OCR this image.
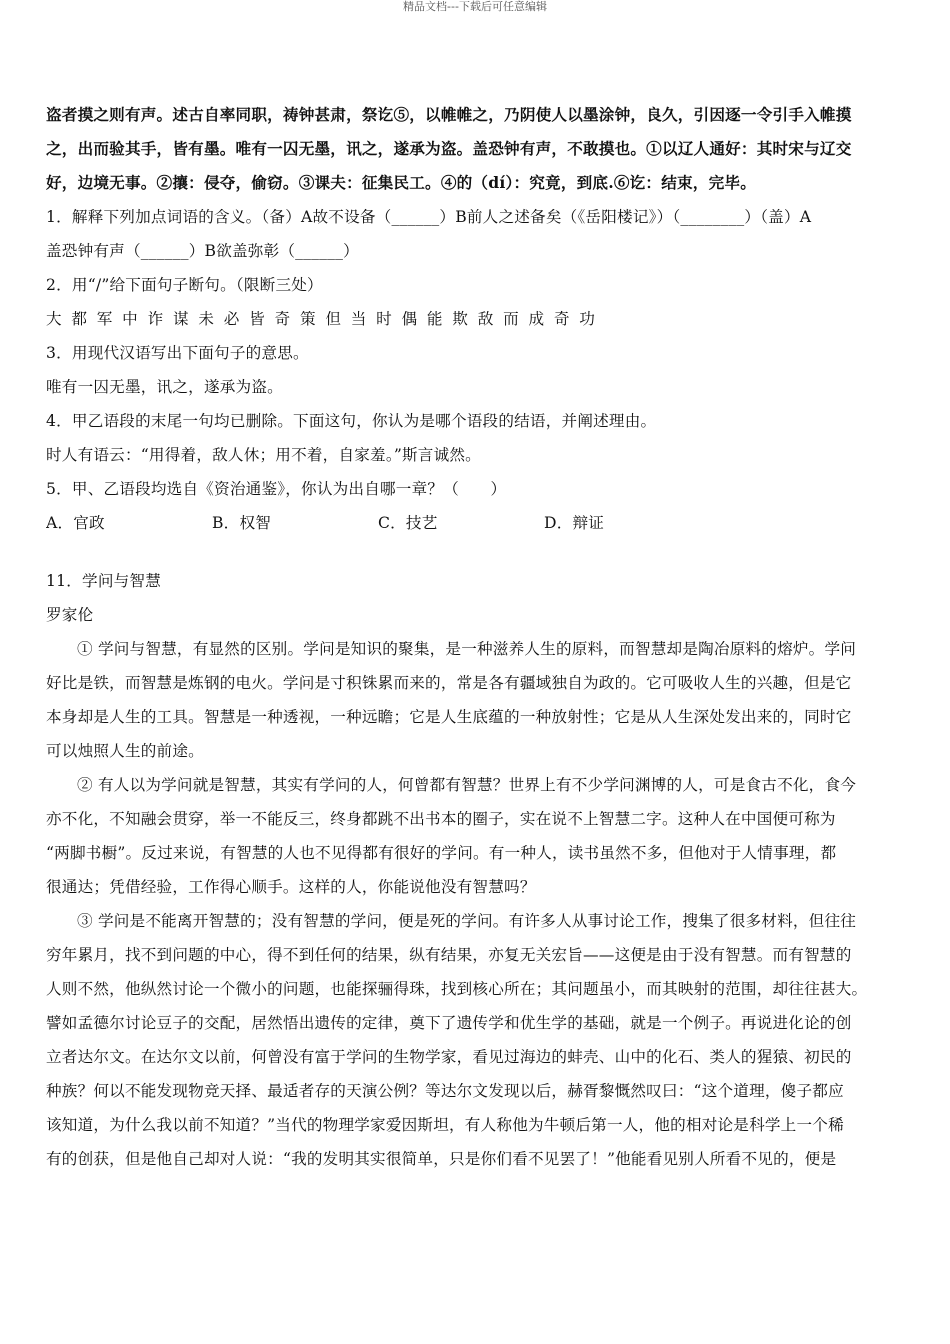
精品文档---下载后可任意编辑
盗者摸之则有声。述古自率同职，祷钟甚肃，祭讫⑤，以帷帷之，乃阴使人以墨涂钟，良久，引因逐一令引手入帷摸
之，出而验其手，皆有墨。唯有一囚无墨，讯之，遂承为盗。盖恐钟有声，不敢摸也。①以辽人通好：其时宋与辽交
好，边境无事。②攘：侵夺，偷窃。③课夫：征集民工。④的（dí）：究竟，到底.⑥讫：结束，完毕。
1．解释下列加点词语的含义。（备）A故不设备（______）B前人之述备矣（《岳阳楼记》）（________）（盖）A
盖恐钟有声（______）B欲盖弥彰（______）
2．用“/”给下面句子断句。（限断三处）
大都军中诈谋未必皆奇策但当时偶能欺敌而成奇功
3．用现代汉语写出下面句子的意思。
唯有一囚无墨，讯之，遂承为盗。
4．甲乙语段的末尾一句均已删除。下面这句，你认为是哪个语段的结语，并阐述理由。
时人有语云：“用得着，敌人休；用不着，自家羞。”斯言诚然。
5．甲、乙语段均选自《资治通鉴》，你认为出自哪一章？（　　）
A．官政	B．权智	C．技艺	D．辩证
11．学问与智慧
罗家伦
① 学问与智慧，有显然的区别。学问是知识的聚集，是一种滋养人生的原料，而智慧却是陶冶原料的熔炉。学问
好比是铁，而智慧是炼钢的电火。学问是寸积铢累而来的，常是各有疆域独自为政的。它可吸收人生的兴趣，但是它
本身却是人生的工具。智慧是一种透视，一种远瞻；它是人生底蕴的一种放射性；它是从人生深处发出来的，同时它
可以烛照人生的前途。
② 有人以为学问就是智慧，其实有学问的人，何曾都有智慧？世界上有不少学问渊博的人，可是食古不化，食今
亦不化，不知融会贯穿，举一不能反三，终身都跳不出书本的圈子，实在说不上智慧二字。这种人在中国便可称为
“两脚书橱”。反过来说，有智慧的人也不见得都有很好的学问。有一种人，读书虽然不多，但他对于人情事理，都
很通达；凭借经验，工作得心顺手。这样的人，你能说他没有智慧吗？
③ 学问是不能离开智慧的；没有智慧的学问，便是死的学问。有许多人从事讨论工作，搜集了很多材料，但往往
穷年累月，找不到问题的中心，得不到任何的结果，纵有结果，亦复无关宏旨——这便是由于没有智慧。而有智慧的
人则不然，他纵然讨论一个微小的问题，也能探骊得珠，找到核心所在；其问题虽小，而其映射的范围，却往往甚大。
譬如孟德尔讨论豆子的交配，居然悟出遗传的定律，奠下了遗传学和优生学的基础，就是一个例子。再说进化论的创
立者达尔文。在达尔文以前，何曾没有富于学问的生物学家，看见过海边的蚌壳、山中的化石、类人的猩猿、初民的
种族？何以不能发现物竞天择、最适者存的天演公例？等达尔文发现以后，赫胥黎慨然叹曰：“这个道理，傻子都应
该知道，为什么我以前不知道？”当代的物理学家爱因斯坦，有人称他为牛顿后第一人，他的相对论是科学上一个稀
有的创获，但是他自己却对人说：“我的发明其实很简单，只是你们看不见罢了！”他能看见别人所看不见的，便是
